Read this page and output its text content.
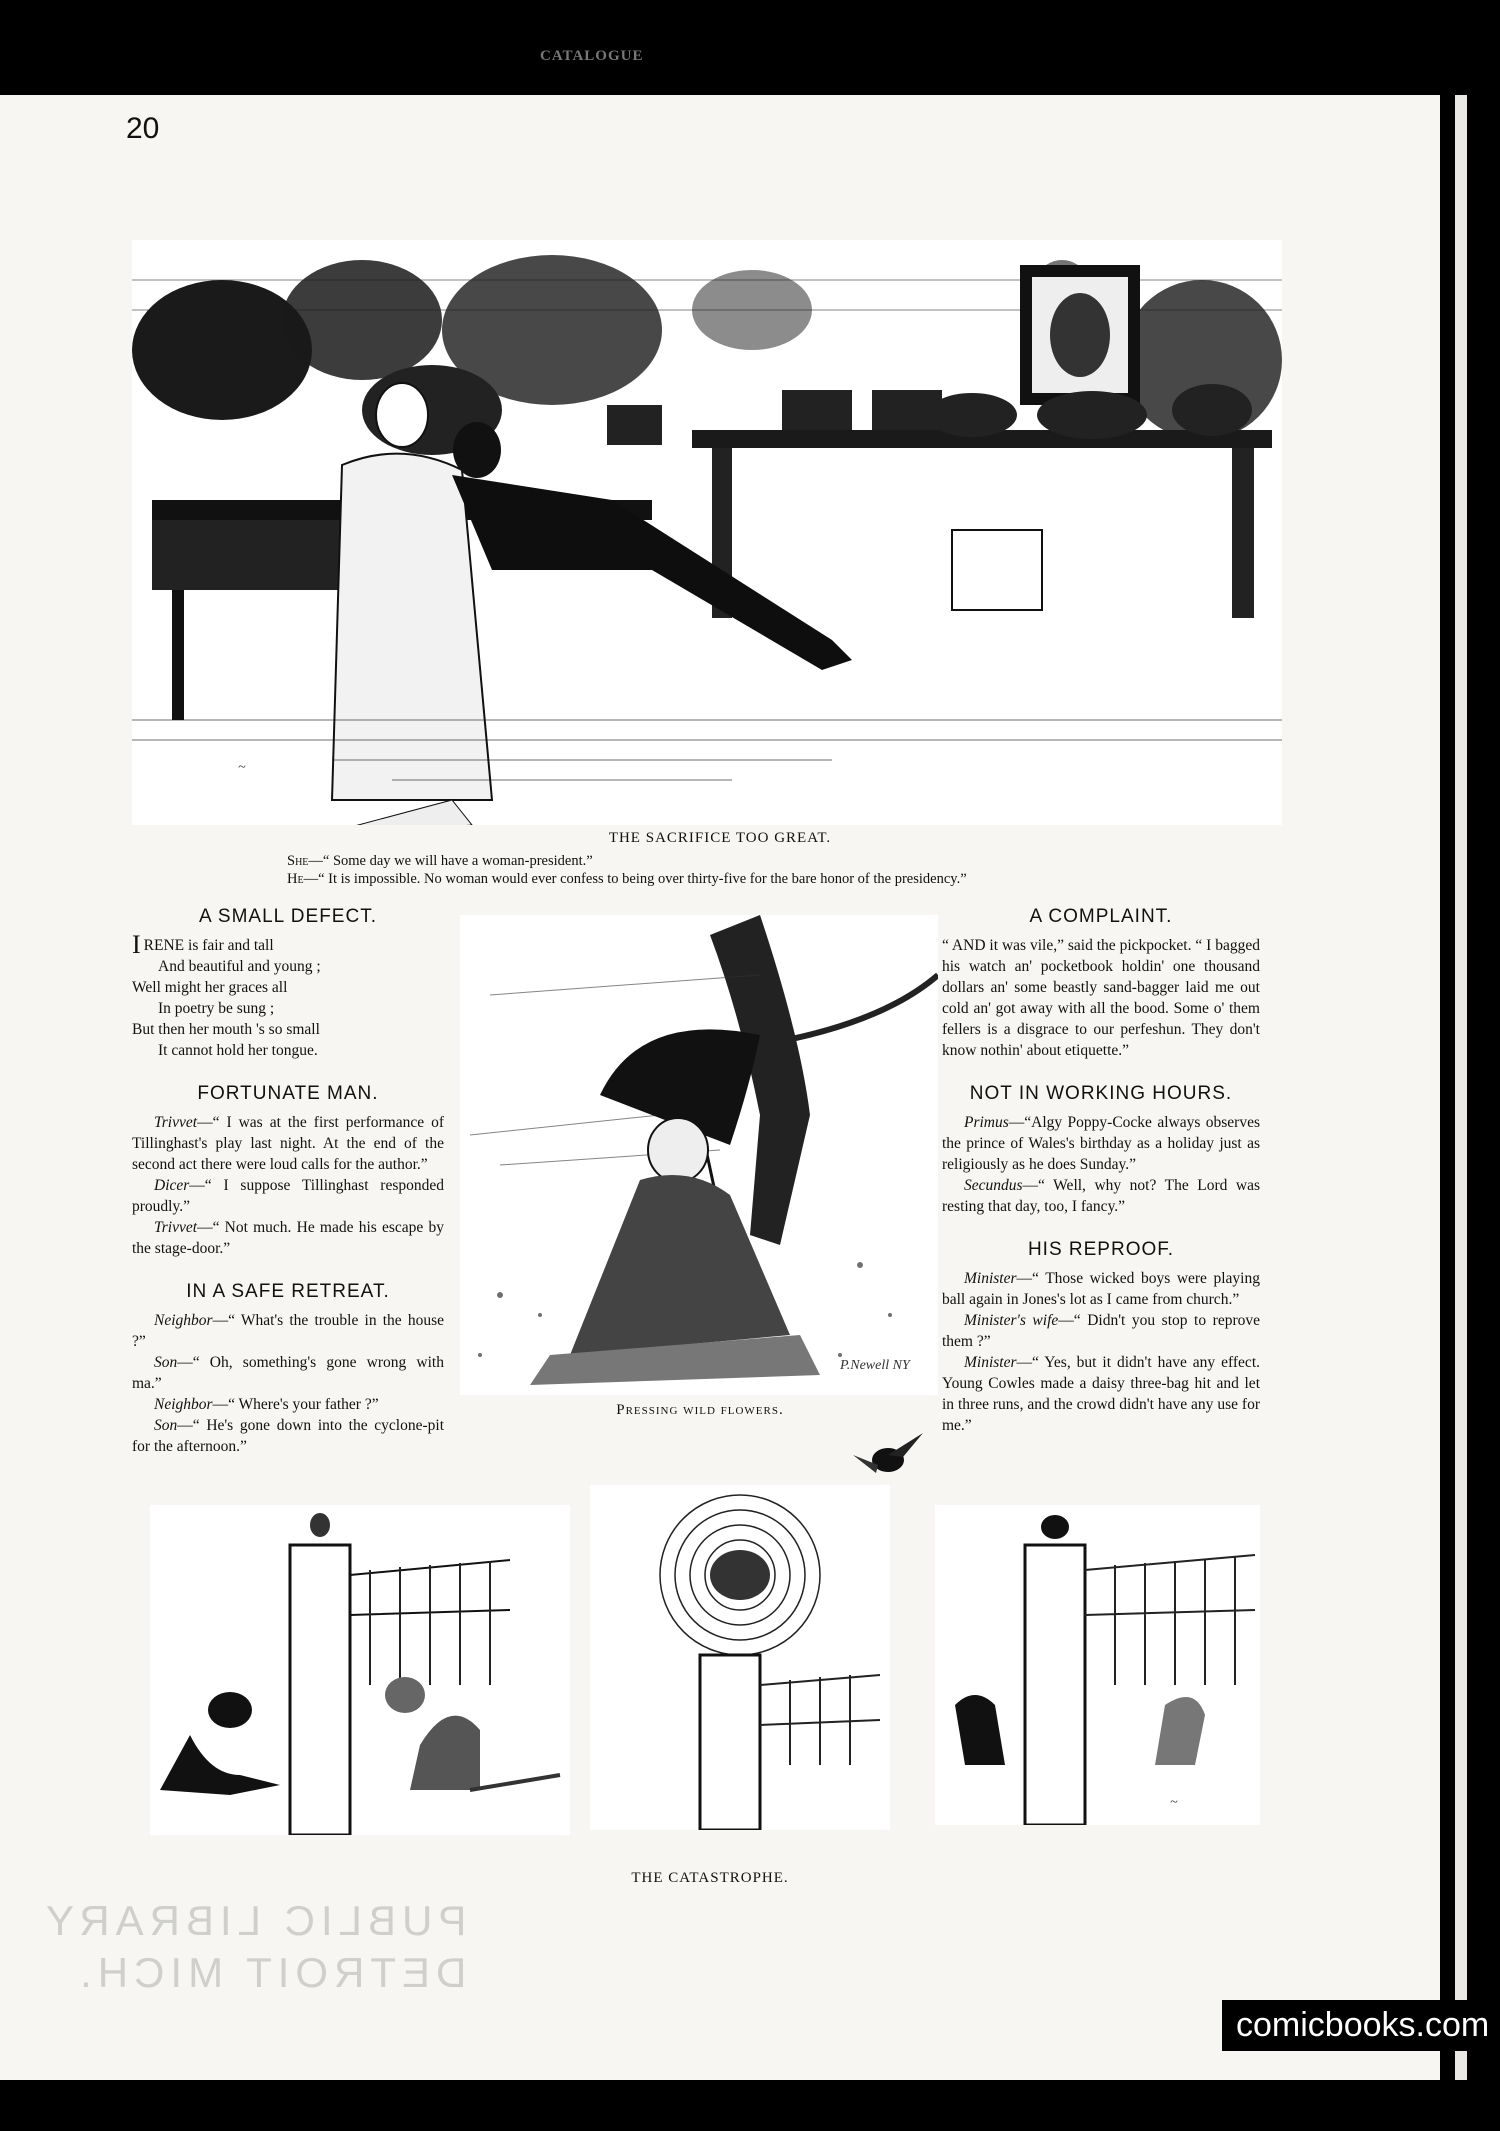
CATALOGUE
20
~
THE SACRIFICE TOO GREAT.
She—“ Some day we will have a woman-president.”
He—“ It is impossible. No woman would ever confess to being over thirty-five for the bare honor of the presidency.”
A SMALL DEFECT.

IRENE is fair and tall

And beautiful and young ;

Well might her graces all

In poetry be sung ;

But then her mouth 's so small

It cannot hold her tongue.

FORTUNATE MAN.

Trivvet—“ I was at the first performance of Tillinghast's play last night. At the end of the second act there were loud calls for the author.”

Dicer—“ I suppose Tillinghast responded proudly.”

Trivvet—“ Not much. He made his escape by the stage-door.”

IN A SAFE RETREAT.

Neighbor—“ What's the trouble in the house ?”

Son—“ Oh, something's gone wrong with ma.”

Neighbor—“ Where's your father ?”

Son—“ He's gone down into the cyclone-pit for the afternoon.”

Pressing wild flowers.
P.Newell NY
A COMPLAINT.

“ AND it was vile,” said the pickpocket. “ I bagged his watch an' pocketbook holdin' one thousand dollars an' some beastly sand-bagger laid me out cold an' got away with all the bood. Some o' them fellers is a disgrace to our perfeshun. They don't know nothin' about etiquette.”

NOT IN WORKING HOURS.

Primus—“Algy Poppy-Cocke always observes the prince of Wales's birthday as a holiday just as religiously as he does Sunday.”

Secundus—“ Well, why not? The Lord was resting that day, too, I fancy.”

HIS REPROOF.

Minister—“ Those wicked boys were playing ball again in Jones's lot as I came from church.”

Minister's wife—“ Didn't you stop to reprove them ?”

Minister—“ Yes, but it didn't have any effect. Young Cowles made a daisy three-bag hit and let in three runs, and the crowd didn't have any use for me.”

~
THE CATASTROPHE.
PUBLIC LIBRARY
DETROIT MICH.
comicbooks.com
